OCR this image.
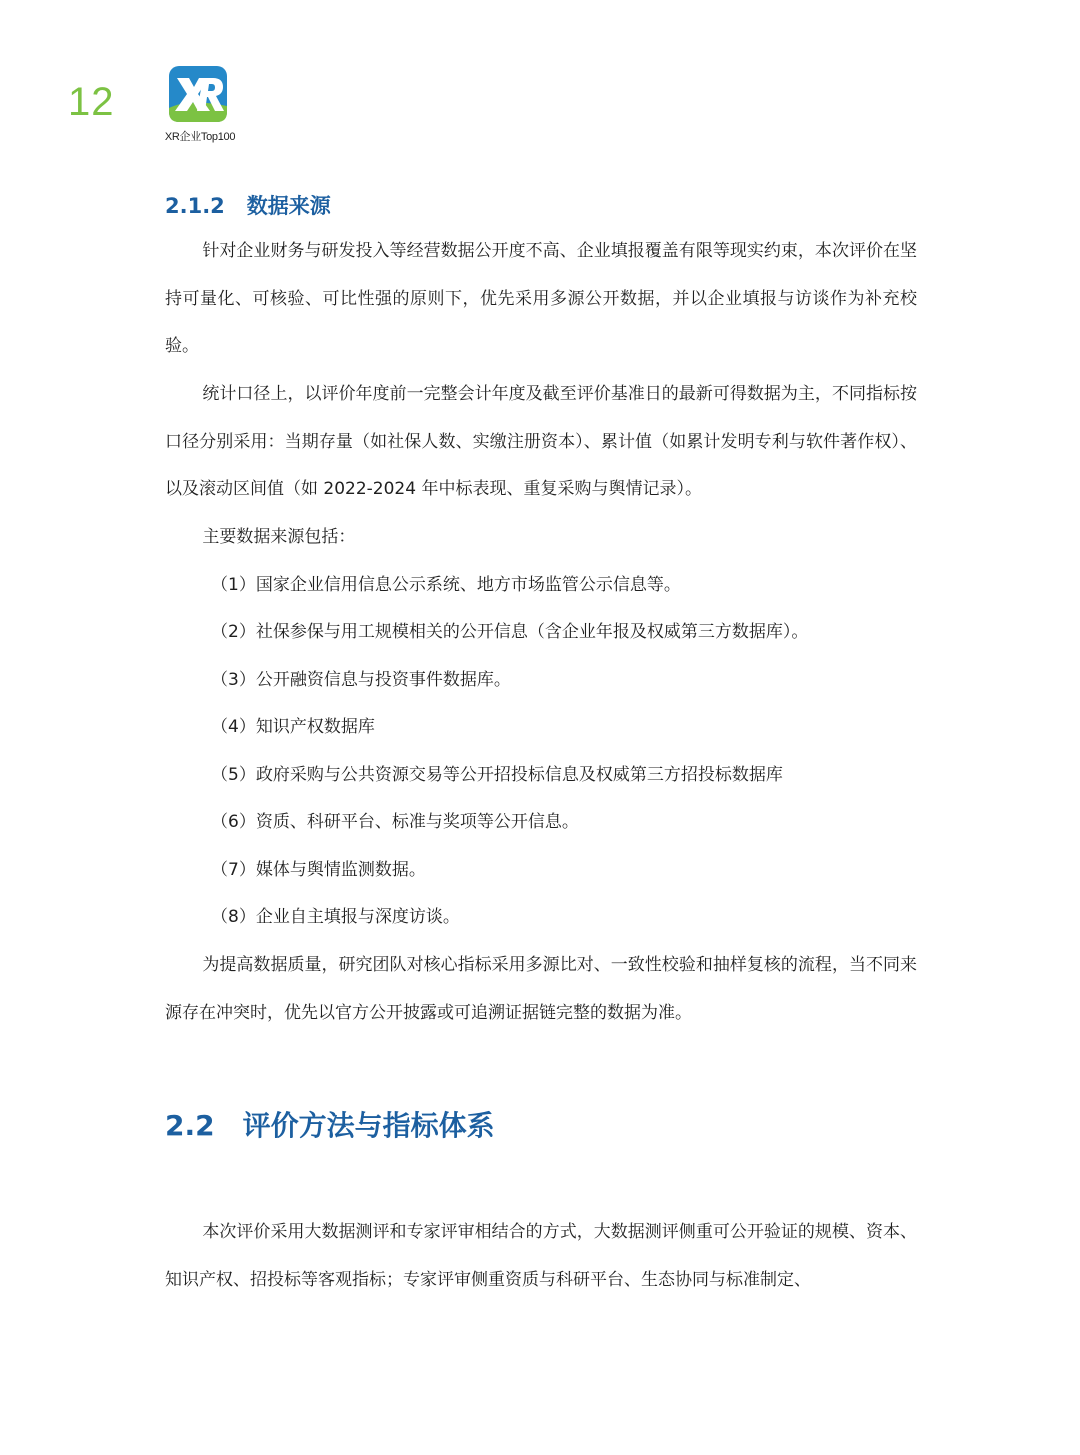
12
XR企业Top100
2.1.2 数据来源

针对企业财务与研发投入等经营数据公开度不高、企业填报覆盖有限等现实约束，本次评价在坚持可量化、可核验、可比性强的原则下，优先采用多源公开数据，并以企业填报与访谈作为补充校验。

统计口径上，以评价年度前一完整会计年度及截至评价基准日的最新可得数据为主，不同指标按口径分别采用：当期存量（如社保人数、实缴注册资本）、累计值（如累计发明专利与软件著作权）、以及滚动区间值（如 2022-2024 年中标表现、重复采购与舆情记录）。

主要数据来源包括：

（1）国家企业信用信息公示系统、地方市场监管公示信息等。
（2）社保参保与用工规模相关的公开信息（含企业年报及权威第三方数据库）。
（3）公开融资信息与投资事件数据库。
（4）知识产权数据库
（5）政府采购与公共资源交易等公开招投标信息及权威第三方招投标数据库
（6）资质、科研平台、标准与奖项等公开信息。
（7）媒体与舆情监测数据。
（8）企业自主填报与深度访谈。

为提高数据质量，研究团队对核心指标采用多源比对、一致性校验和抽样复核的流程，当不同来源存在冲突时，优先以官方公开披露或可追溯证据链完整的数据为准。

2.2 评价方法与指标体系

本次评价采用大数据测评和专家评审相结合的方式，大数据测评侧重可公开验证的规模、资本、知识产权、招投标等客观指标；专家评审侧重资质与科研平台、生态协同与标准制定、
